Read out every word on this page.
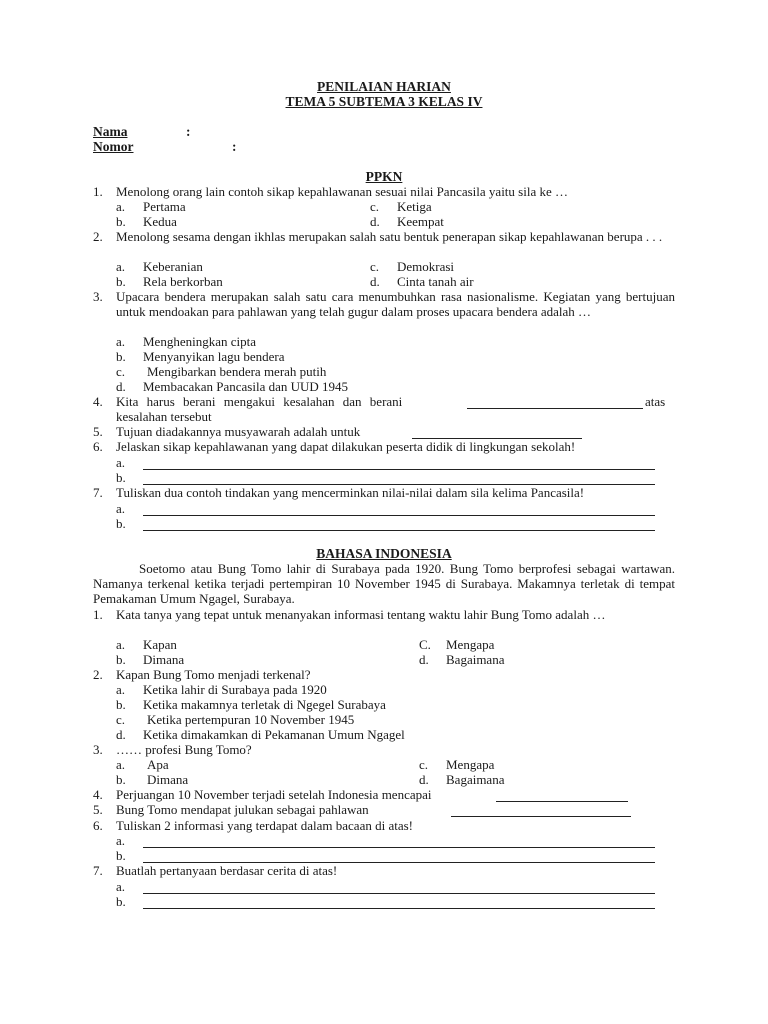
PENILAIAN HARIAN
TEMA 5 SUBTEMA 3 KELAS IV
Nama	:
Nomor	:
PPKN
1.	Menolong orang lain contoh sikap kepahlawanan sesuai nilai Pancasila yaitu sila ke …
a.	Pertama
b.	Kedua
c.	Ketiga
d.	Keempat
2.	Menolong sesama dengan ikhlas merupakan salah satu bentuk penerapan sikap kepahlawanan berupa . . .
a.	Keberanian
b.	Rela berkorban
c.	Demokrasi
d.	Cinta tanah air
3.	Upacara bendera merupakan salah satu cara menumbuhkan rasa nasionalisme. Kegiatan yang bertujuan untuk mendoakan para pahlawan yang telah gugur dalam proses upacara bendera adalah …
a.	Mengheningkan cipta
b.	Menyanyikan lagu bendera
c.	Mengibarkan bendera merah putih
d.	Membacakan Pancasila dan UUD 1945
4.	Kita harus berani mengakui kesalahan dan berani	atas
kesalahan tersebut
5.	Tujuan diadakannya musyawarah adalah untuk
6.	Jelaskan sikap kepahlawanan yang dapat dilakukan peserta didik di lingkungan sekolah!
a.
b.
7.	Tuliskan dua contoh tindakan yang mencerminkan nilai-nilai dalam sila kelima Pancasila!
a.
b.
BAHASA INDONESIA
Soetomo atau Bung Tomo lahir di Surabaya pada 1920. Bung Tomo berprofesi sebagai wartawan. Namanya terkenal ketika terjadi pertempiran 10 November 1945 di Surabaya. Makamnya terletak di tempat Pemakaman Umum Ngagel, Surabaya.
1.	Kata tanya yang tepat untuk menanyakan informasi tentang waktu lahir Bung Tomo adalah …
a.	Kapan
b.	Dimana
C.	Mengapa
d.	Bagaimana
2.	Kapan Bung Tomo menjadi terkenal?
a.	Ketika lahir di Surabaya pada 1920
b.	Ketika makamnya terletak di Ngegel Surabaya
c.	Ketika pertempuran 10 November 1945
d.	Ketika dimakamkan di Pekamanan Umum Ngagel
3.	…… profesi Bung Tomo?
a.	Apa
b.	Dimana
c.	Mengapa
d.	Bagaimana
4.	Perjuangan 10 November terjadi setelah Indonesia mencapai
5.	Bung Tomo mendapat julukan sebagai pahlawan
6.	Tuliskan 2 informasi yang terdapat dalam bacaan di atas!
a.
b.
7.	Buatlah pertanyaan berdasar cerita di atas!
a.
b.
